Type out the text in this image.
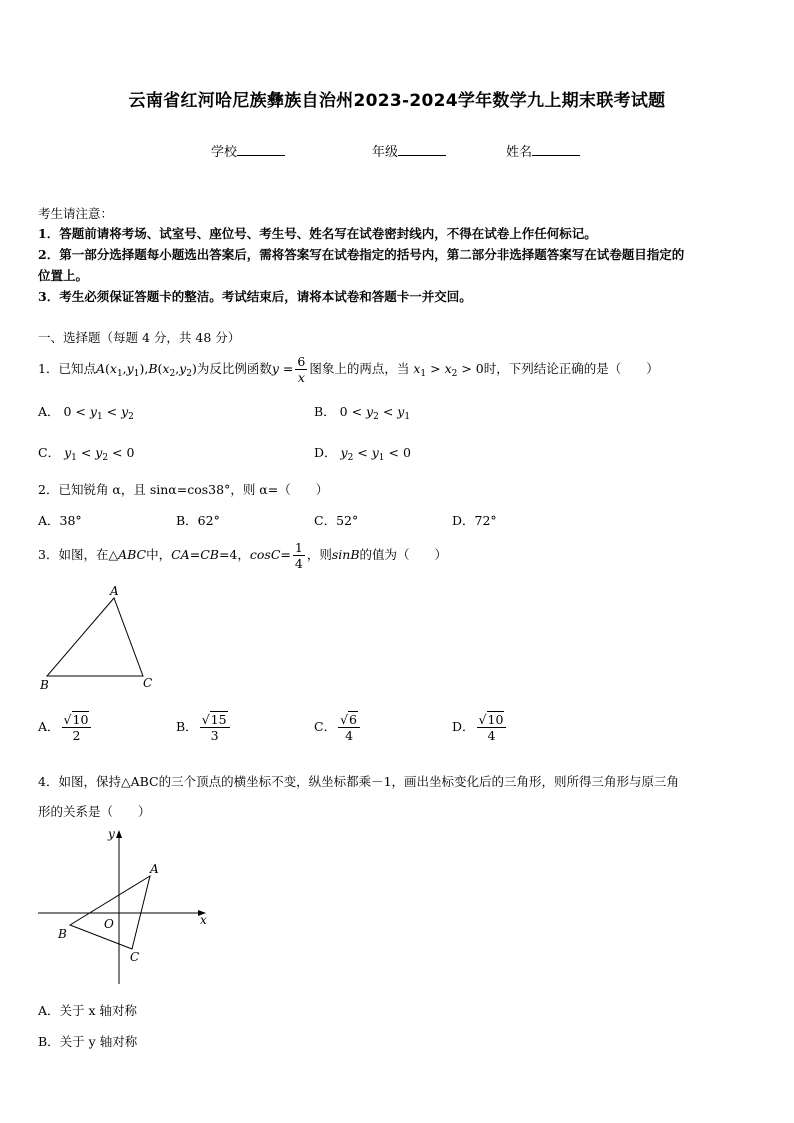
云南省红河哈尼族彝族自治州2023-2024学年数学九上期末联考试题
学校	年级	姓名
考生请注意：
1．答题前请将考场、试室号、座位号、考生号、姓名写在试卷密封线内，不得在试卷上作任何标记。
2．第一部分选择题每小题选出答案后，需将答案写在试卷指定的括号内，第二部分非选择题答案写在试卷题目指定的
位置上。
3．考生必须保证答题卡的整洁。考试结束后，请将本试卷和答题卡一并交回。
一、选择题（每题 4 分，共 48 分）
1．已知点$A(x_1,y_1),B(x_2,y_2)$为反比例函数$y = \frac{6}{x}$ 图象上的两点，当 $x_1 > x_2 > 0$时，下列结论正确的是（　　）
A． $0 < y_1 < y_2$	B． $0 < y_2 < y_1$
C． $y_1 < y_2 < 0$	D． $y_2 < y_1 < 0$
2．已知锐角 α，且 sinα=cos38°，则 α=（　　）
A．38°	B．62°	C．52°	D．72°
3．如图，在△ABC中，CA=CB=4，$\cos C= \frac{1}{4}$ ，则sinB的值为（　　）
A
B	C
A． $\frac{√10}{2}$	B． $\frac{√15}{3}$	C． $\frac{√6}{4}$	D． $\frac{√10}{4}$
4．如图，保持△ABC的三个顶点的横坐标不变，纵坐标都乘－1，画出坐标变化后的三角形，则所得三角形与原三角
形的关系是（　　）
y
x
O
A
B
C
A．关于 x 轴对称
B．关于 y 轴对称
